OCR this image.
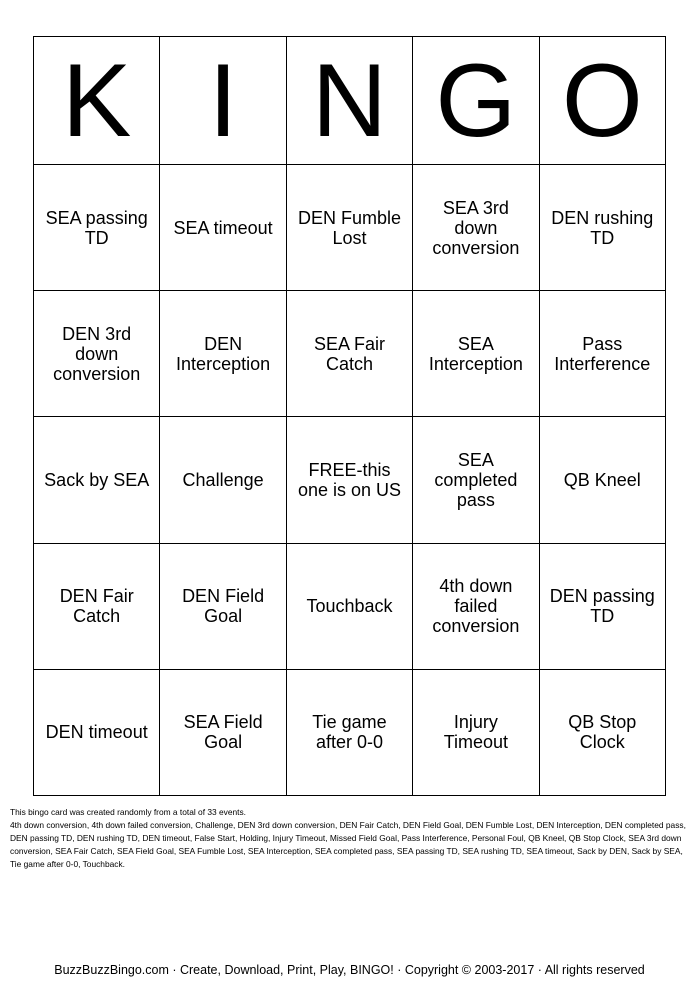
K	I	N	G	O
SEA passing TD	SEA timeout	DEN Fumble Lost	SEA 3rd down conversion	DEN rushing TD
DEN 3rd down conversion	DEN Interception	SEA Fair Catch	SEA Interception	Pass Interference
Sack by SEA	Challenge	FREE-this one is on US	SEA completed pass	QB Kneel
DEN Fair Catch	DEN Field Goal	Touchback	4th down failed conversion	DEN passing TD
DEN timeout	SEA Field Goal	Tie game after 0-0	Injury Timeout	QB Stop Clock
This bingo card was created randomly from a total of 33 events.
4th down conversion, 4th down failed conversion, Challenge, DEN 3rd down conversion, DEN Fair Catch, DEN Field Goal, DEN Fumble Lost, DEN Interception, DEN completed pass, DEN passing TD, DEN rushing TD, DEN timeout, False Start, Holding, Injury Timeout, Missed Field Goal, Pass Interference, Personal Foul, QB Kneel, QB Stop Clock, SEA 3rd down conversion, SEA Fair Catch, SEA Field Goal, SEA Fumble Lost, SEA Interception, SEA completed pass, SEA passing TD, SEA rushing TD, SEA timeout, Sack by DEN, Sack by SEA, Tie game after 0-0, Touchback.
BuzzBuzzBingo.com · Create, Download, Print, Play, BINGO! · Copyright © 2003-2017 · All rights reserved
